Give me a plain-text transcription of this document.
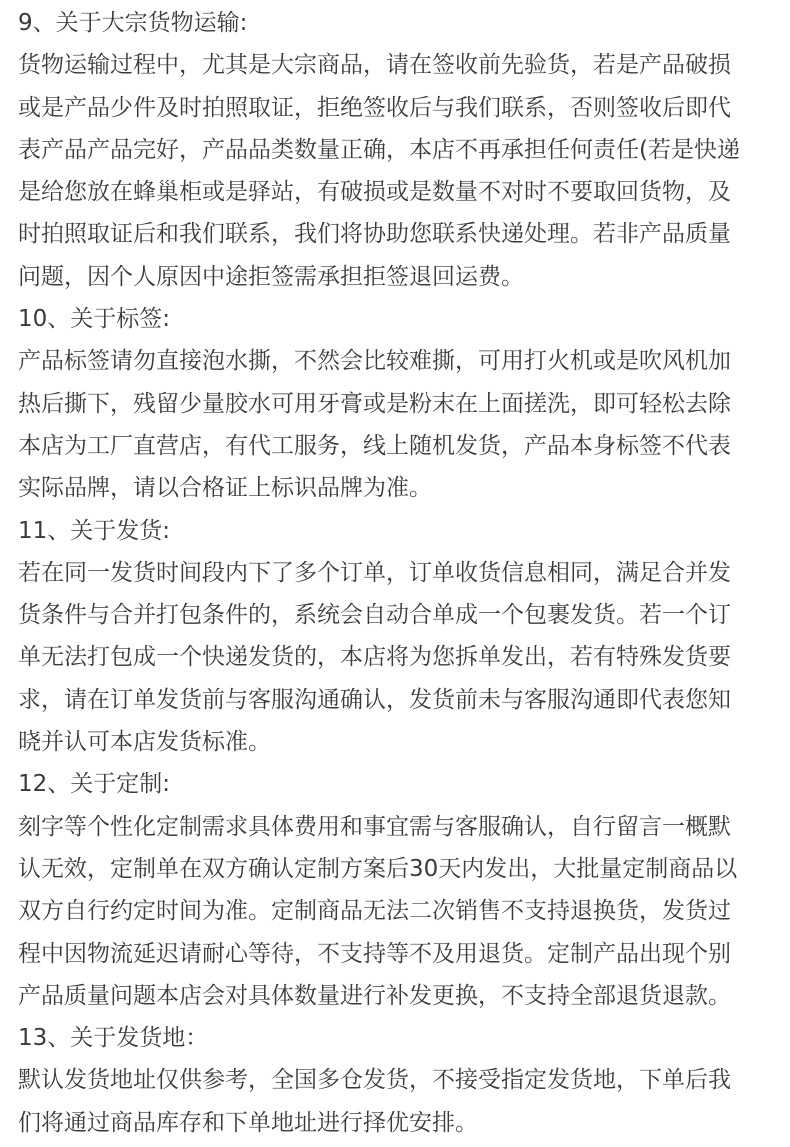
9、关于大宗货物运输:
货物运输过程中，尤其是大宗商品，请在签收前先验货，若是产品破损
或是产品少件及时拍照取证，拒绝签收后与我们联系，否则签收后即代
表产品产品完好，产品品类数量正确，本店不再承担任何责任(若是快递
是给您放在蜂巢柜或是驿站，有破损或是数量不对时不要取回货物，及
时拍照取证后和我们联系，我们将协助您联系快递处理。若非产品质量
问题，因个人原因中途拒签需承担拒签退回运费。
10、关于标签:
产品标签请勿直接泡水撕，不然会比较难撕，可用打火机或是吹风机加
热后撕下，残留少量胶水可用牙膏或是粉末在上面搓洗，即可轻松去除
本店为工厂直营店，有代工服务，线上随机发货，产品本身标签不代表
实际品牌，请以合格证上标识品牌为准。
11、关于发货:
若在同一发货时间段内下了多个订单，订单收货信息相同，满足合并发
货条件与合并打包条件的，系统会自动合单成一个包裹发货。若一个订
单无法打包成一个快递发货的，本店将为您拆单发出，若有特殊发货要
求，请在订单发货前与客服沟通确认，发货前未与客服沟通即代表您知
晓并认可本店发货标准。
12、关于定制:
刻字等个性化定制需求具体费用和事宜需与客服确认，自行留言一概默
认无效，定制单在双方确认定制方案后30天内发出，大批量定制商品以
双方自行约定时间为准。定制商品无法二次销售不支持退换货，发货过
程中因物流延迟请耐心等待，不支持等不及用退货。定制产品出现个别
产品质量问题本店会对具体数量进行补发更换，不支持全部退货退款。
13、关于发货地：
默认发货地址仅供参考，全国多仓发货，不接受指定发货地，下单后我
们将通过商品库存和下单地址进行择优安排。
